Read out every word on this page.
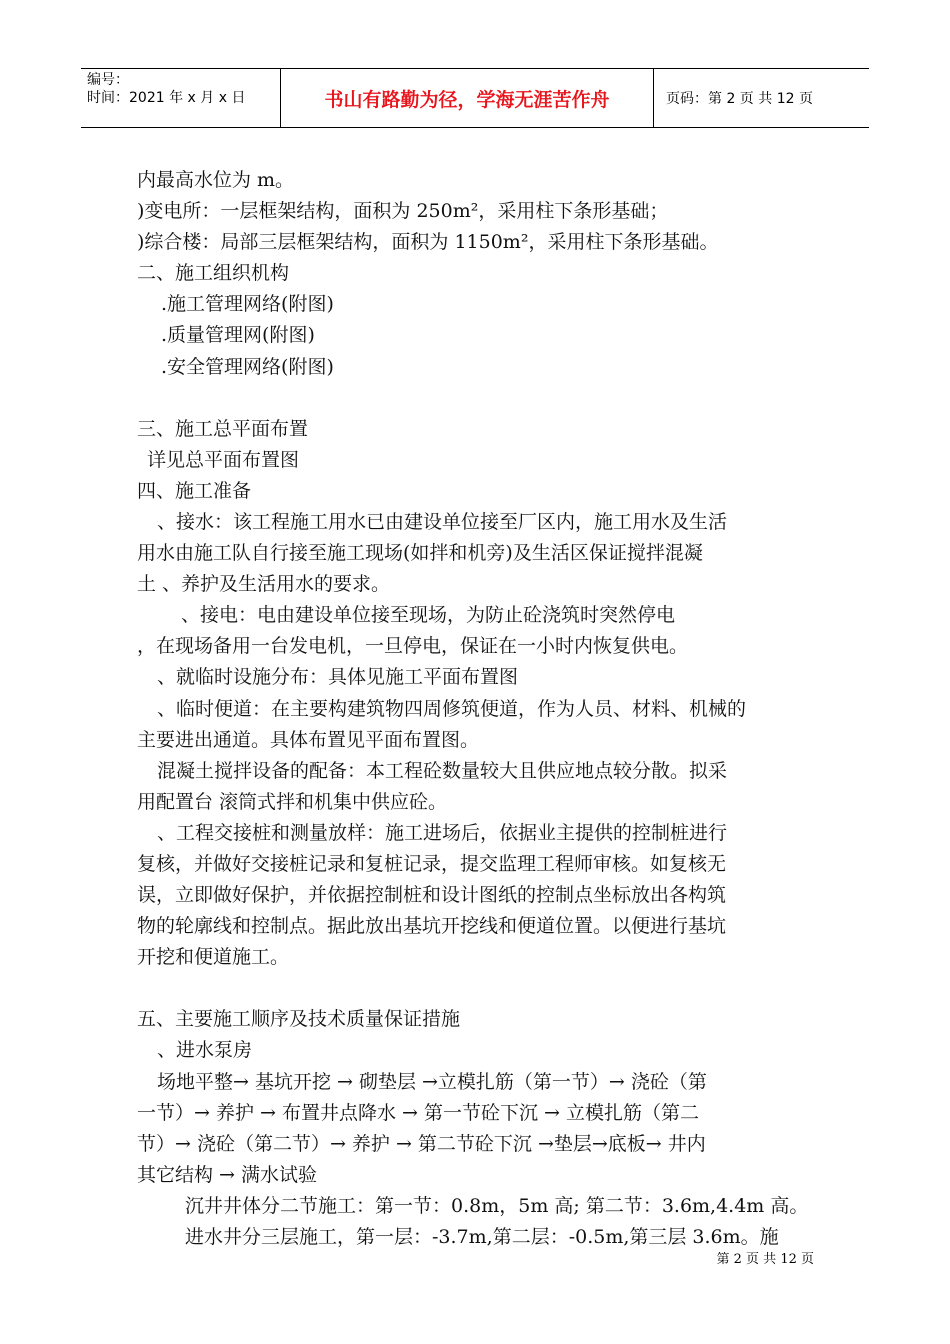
编号：
时间：2021 年 x 月 x 日	书山有路勤为径，学海无涯苦作舟	页码：第 2 页 共 12 页

内最高水位为 m。

)变电所：一层框架结构，面积为 250m²，采用柱下条形基础；

)综合楼：局部三层框架结构，面积为 1150m²，采用柱下条形基础。

二、施工组织机构

.施工管理网络(附图)

.质量管理网(附图)

.安全管理网络(附图)

三、施工总平面布置

详见总平面布置图

四、施工准备

、接水：该工程施工用水已由建设单位接至厂区内，施工用水及生活

用水由施工队自行接至施工现场(如拌和机旁)及生活区保证搅拌混凝

土 、养护及生活用水的要求。

、接电：电由建设单位接至现场，为防止砼浇筑时突然停电

，在现场备用一台发电机，一旦停电，保证在一小时内恢复供电。

、就临时设施分布：具体见施工平面布置图

、临时便道：在主要构建筑物四周修筑便道，作为人员、材料、机械的

主要进出通道。具体布置见平面布置图。

混凝土搅拌设备的配备：本工程砼数量较大且供应地点较分散。拟采

用配置台 滚筒式拌和机集中供应砼。

、工程交接桩和测量放样：施工进场后，依据业主提供的控制桩进行

复核，并做好交接桩记录和复桩记录，提交监理工程师审核。如复核无

误，立即做好保护，并依据控制桩和设计图纸的控制点坐标放出各构筑

物的轮廓线和控制点。据此放出基坑开挖线和便道位置。以便进行基坑

开挖和便道施工。

五、主要施工顺序及技术质量保证措施

、进水泵房

场地平整→ 基坑开挖 → 砌垫层 →立模扎筋（第一节）→ 浇砼（第

一节）→ 养护 → 布置井点降水 → 第一节砼下沉 → 立模扎筋（第二

节）→ 浇砼（第二节）→ 养护 → 第二节砼下沉 →垫层→底板→ 井内

其它结构 → 满水试验

沉井井体分二节施工：第一节：0.8m，5m 高; 第二节：3.6m,4.4m 高。

进水井分三层施工，第一层：-3.7m,第二层：-0.5m,第三层 3.6m。施

第 2 页 共 12 页
